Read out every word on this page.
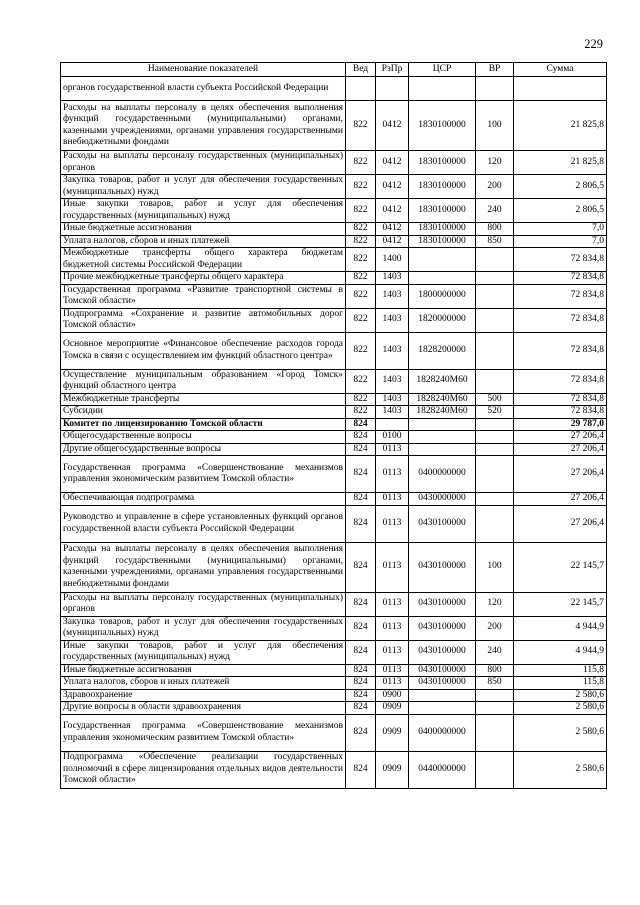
229
Наименование показателей	Вед	РзПр	ЦСР	ВР	Сумма
органов государственной власти субъекта Российской Федерации					
Расходы на выплаты персоналу в целях обеспечения выполнения функций государственными (муниципальными) органами, казенными учреждениями, органами управления государственными внебюджетными фондами	822	0412	1830100000	100	21 825,8
Расходы на выплаты персоналу государственных (муниципальных) органов	822	0412	1830100000	120	21 825,8
Закупка товаров, работ и услуг для обеспечения государственных (муниципальных) нужд	822	0412	1830100000	200	2 806,5
Иные закупки товаров, работ и услуг для обеспечения государственных (муниципальных) нужд	822	0412	1830100000	240	2 806,5
Иные бюджетные ассигнования	822	0412	1830100000	800	7,0
Уплата налогов, сборов и иных платежей	822	0412	1830100000	850	7,0
Межбюджетные трансферты общего характера бюджетам бюджетной системы Российской Федерации	822	1400			72 834,8
Прочие межбюджетные трансферты общего характера	822	1403			72 834,8
Государственная программа «Развитие транспортной системы в Томской области»	822	1403	1800000000		72 834,8
Подпрограмма «Сохранение и развитие автомобильных дорог Томской области»	822	1403	1820000000		72 834,8
Основное мероприятие «Финансовое обеспечение расходов города Томска в связи с осуществлением им функций областного центра»	822	1403	1828200000		72 834,8
Осуществление муниципальным образованием «Город Томск» функций областного центра	822	1403	1828240М60		72 834,8
Межбюджетные трансферты	822	1403	1828240М60	500	72 834,8
Субсидии	822	1403	1828240М60	520	72 834,8
Комитет по лицензированию Томской области	824				29 787,0
Общегосударственные вопросы	824	0100			27 206,4
Другие общегосударственные вопросы	824	0113			27 206,4
Государственная программа «Совершенствование механизмов управления экономическим развитием Томской области»	824	0113	0400000000		27 206,4
Обеспечивающая подпрограмма	824	0113	0430000000		27 206,4
Руководство и управление в сфере установленных функций органов государственной власти субъекта Российской Федерации	824	0113	0430100000		27 206,4
Расходы на выплаты персоналу в целях обеспечения выполнения функций государственными (муниципальными) органами, казенными учреждениями, органами управления государственными внебюджетными фондами	824	0113	0430100000	100	22 145,7
Расходы на выплаты персоналу государственных (муниципальных) органов	824	0113	0430100000	120	22 145,7
Закупка товаров, работ и услуг для обеспечения государственных (муниципальных) нужд	824	0113	0430100000	200	4 944,9
Иные закупки товаров, работ и услуг для обеспечения государственных (муниципальных) нужд	824	0113	0430100000	240	4 944,9
Иные бюджетные ассигнования	824	0113	0430100000	800	115,8
Уплата налогов, сборов и иных платежей	824	0113	0430100000	850	115,8
Здравоохранение	824	0900			2 580,6
Другие вопросы в области здравоохранения	824	0909			2 580,6
Государственная программа «Совершенствование механизмов управления экономическим развитием Томской области»	824	0909	0400000000		2 580,6
Подпрограмма «Обеспечение реализации государственных полномочий в сфере лицензирования отдельных видов деятельности Томской области»	824	0909	0440000000		2 580,6
